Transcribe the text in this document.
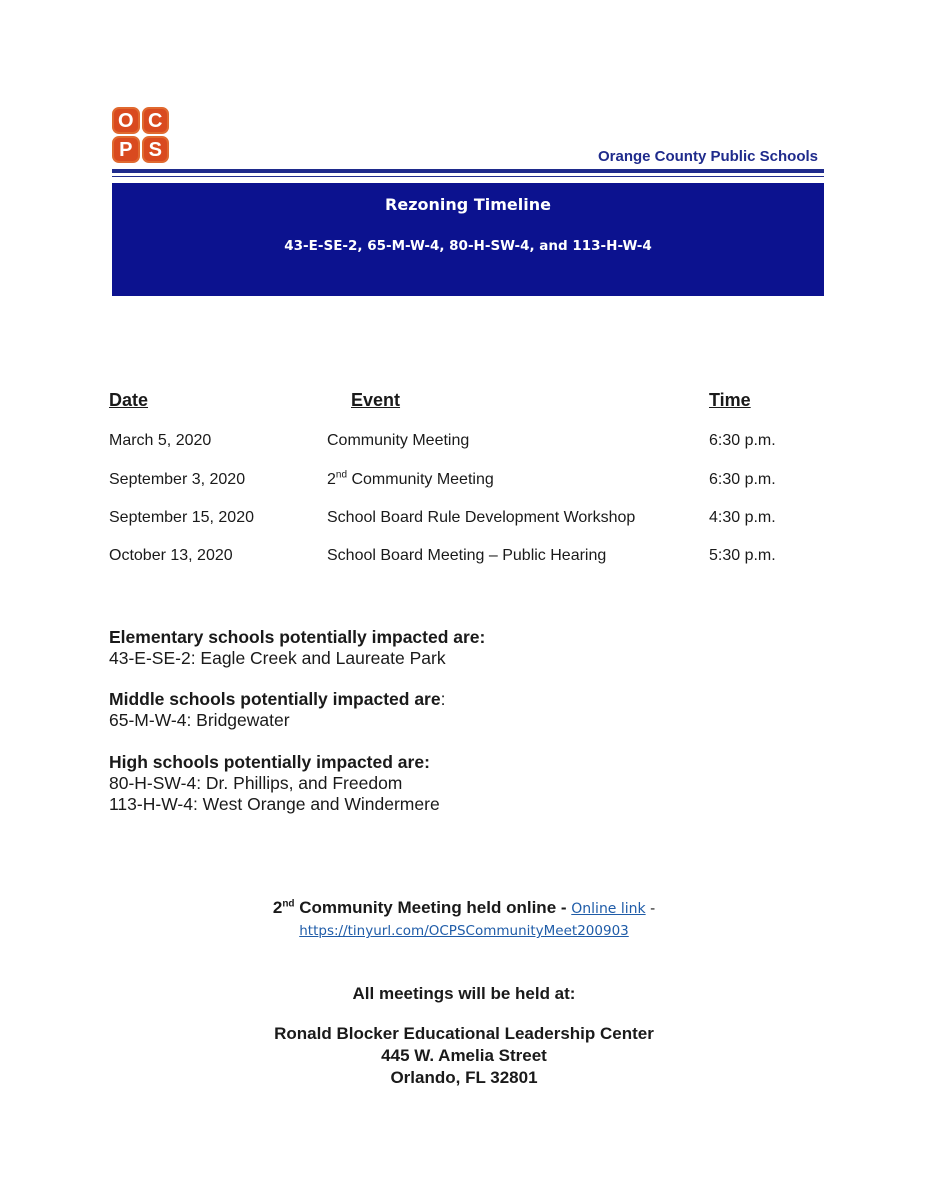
O C
P S	Orange County Public Schools
Rezoning Timeline
43-E-SE-2, 65-M-W-4, 80-H-SW-4, and 113-H-W-4
Date	Event	Time
March 5, 2020	Community Meeting	6:30 p.m.
September 3, 2020	2nd Community Meeting	6:30 p.m.
September 15, 2020	School Board Rule Development Workshop	4:30 p.m.
October 13, 2020	School Board Meeting – Public Hearing	5:30 p.m.
Elementary schools potentially impacted are:
43-E-SE-2: Eagle Creek and Laureate Park
Middle schools potentially impacted are:
65-M-W-4: Bridgewater
High schools potentially impacted are:
80-H-SW-4: Dr. Phillips, and Freedom
113-H-W-4: West Orange and Windermere
2nd Community Meeting held online - Online link -
https://tinyurl.com/OCPSCommunityMeet200903
All meetings will be held at:
Ronald Blocker Educational Leadership Center
445 W. Amelia Street
Orlando, FL 32801
